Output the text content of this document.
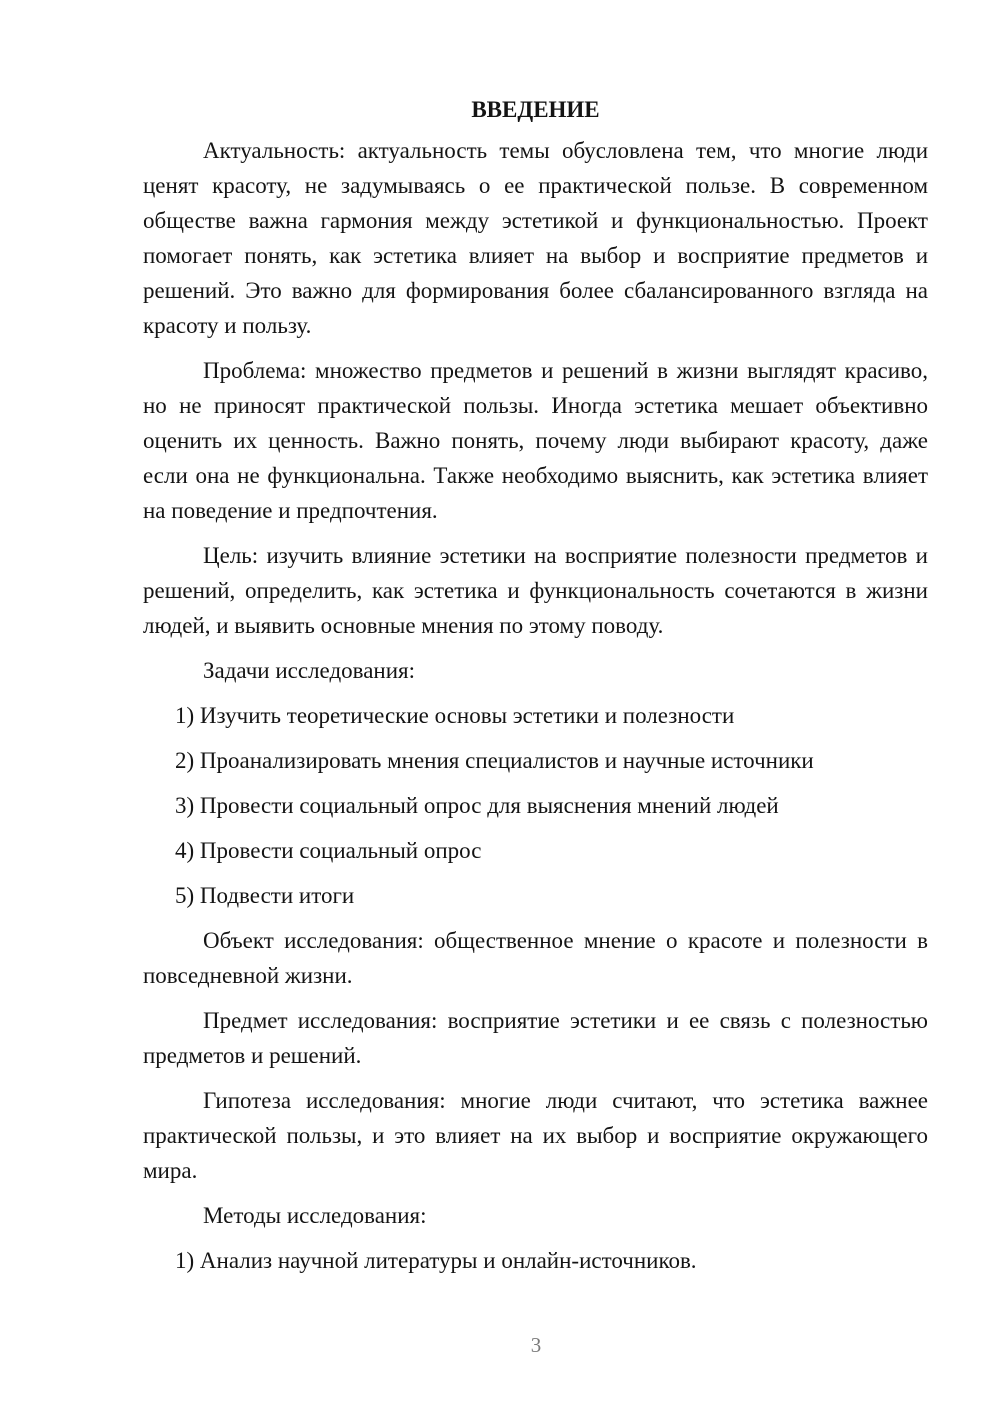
ВВЕДЕНИЕ

Актуальность: актуальность темы обусловлена тем, что многие люди ценят красоту, не задумываясь о ее практической пользе. В современном обществе важна гармония между эстетикой и функциональностью. Проект помогает понять, как эстетика влияет на выбор и восприятие предметов и решений. Это важно для формирования более сбалансированного взгляда на красоту и пользу.

Проблема: множество предметов и решений в жизни выглядят красиво, но не приносят практической пользы. Иногда эстетика мешает объективно оценить их ценность. Важно понять, почему люди выбирают красоту, даже если она не функциональна. Также необходимо выяснить, как эстетика влияет на поведение и предпочтения.

Цель: изучить влияние эстетики на восприятие полезности предметов и решений, определить, как эстетика и функциональность сочетаются в жизни людей, и выявить основные мнения по этому поводу.

Задачи исследования:

1) Изучить теоретические основы эстетики и полезности
2) Проанализировать мнения специалистов и научные источники
3) Провести социальный опрос для выяснения мнений людей
4) Провести социальный опрос
5) Подвести итоги

Объект исследования: общественное мнение о красоте и полезности в повседневной жизни.

Предмет исследования: восприятие эстетики и ее связь с полезностью предметов и решений.

Гипотеза исследования: многие люди считают, что эстетика важнее практической пользы, и это влияет на их выбор и восприятие окружающего мира.

Методы исследования:

1) Анализ научной литературы и онлайн-источников.
3
